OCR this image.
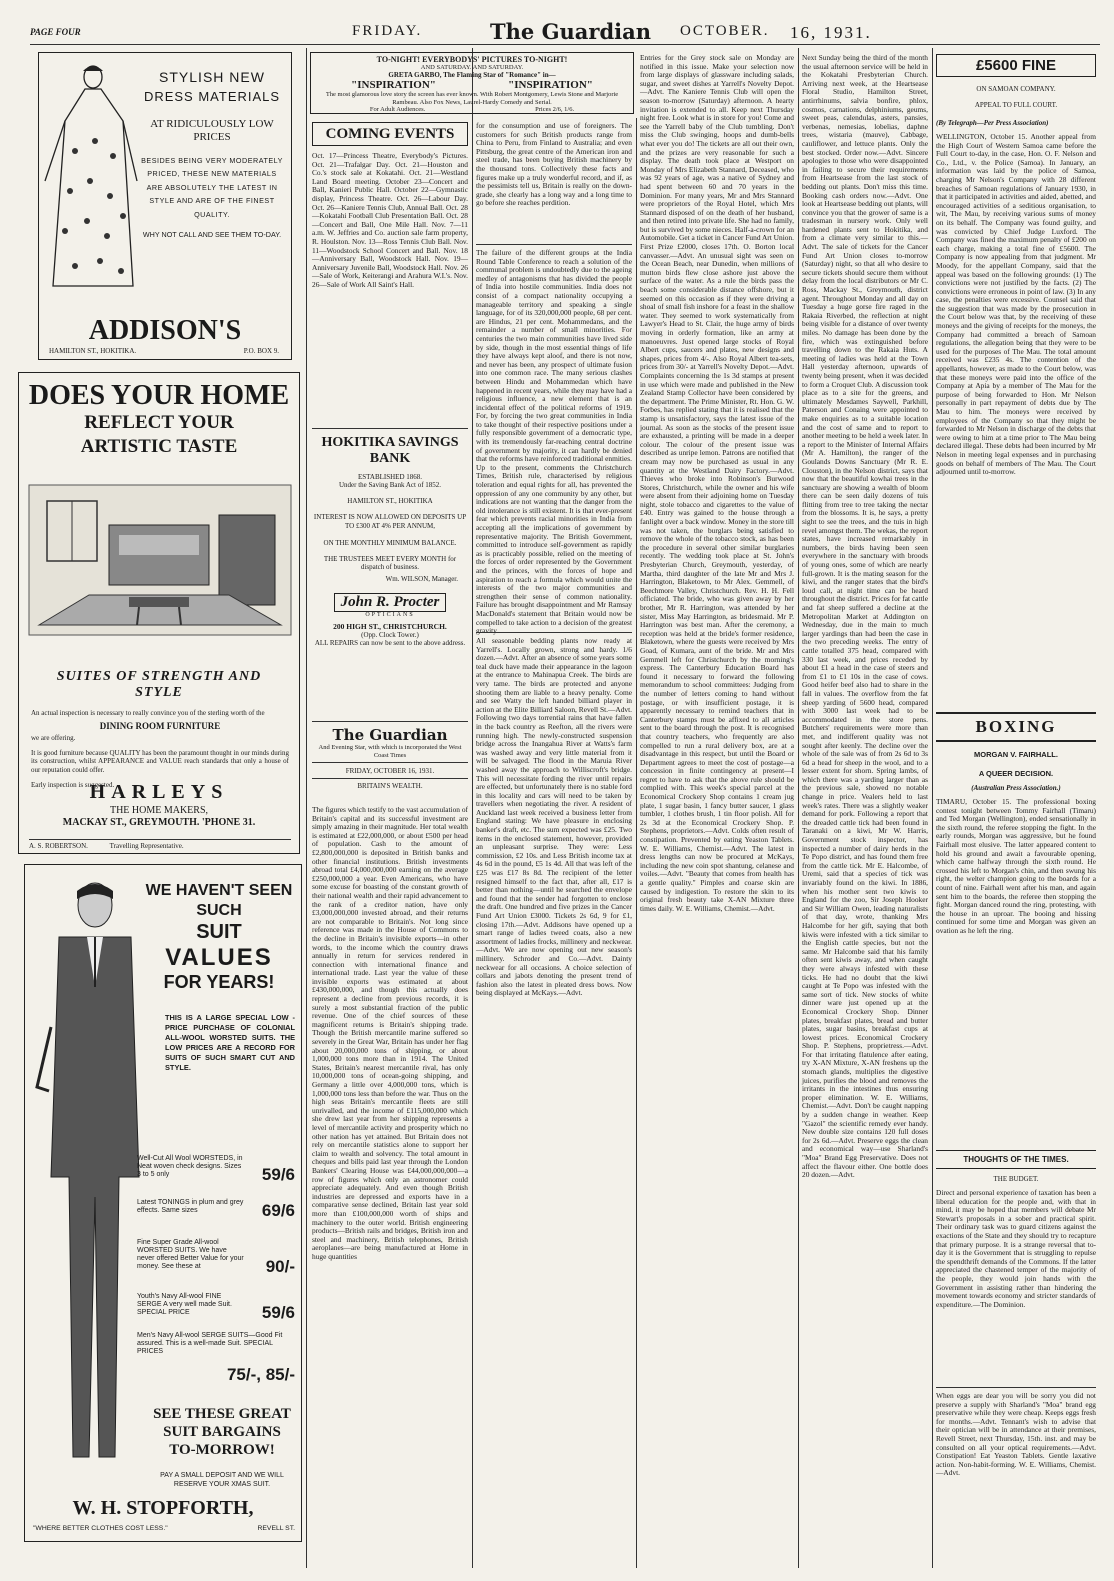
PAGE FOUR	FRIDAY.	The Guardian OCTOBER. 16, 1931.
STYLISH NEW
DRESS MATERIALS
AT RIDICULOUSLY LOW PRICES
BESIDES BEING VERY MODERATELY PRICED, THESE NEW MATERIALS ARE ABSOLUTELY THE LATEST IN STYLE AND ARE OF THE FINEST QUALITY.
WHY NOT CALL AND SEE THEM TO-DAY.
ADDISON'S
HAMILTON ST., HOKITIKA.	P.O. BOX 9.
DOES YOUR HOME
REFLECT YOUR ARTISTIC TASTE
SUITES OF STRENGTH AND STYLE
An actual inspection is necessary to really convince you of the sterling worth of the
DINING ROOM FURNITURE
we are offering.
It is good furniture because QUALITY has been the paramount thought in our minds during its construction, whilst APPEARANCE and VALUE reach standards that only a house of our reputation could offer.
Early inspection is suggested.
HARLEYS
THE HOME MAKERS,
MACKAY ST., GREYMOUTH. 'PHONE 31.
A. S. ROBERTSON.	Travelling Representative.
WE HAVEN'T SEEN SUCH
SUIT
VALUES
FOR YEARS!
THIS IS A LARGE SPECIAL LOW - PRICE PURCHASE OF COLONIAL ALL-WOOL WORSTED SUITS. THE LOW PRICES ARE A RECORD FOR SUITS OF SUCH SMART CUT AND STYLE.
Well-Cut All Wool WORSTEDS, in Neat woven check designs. Sizes 3 to 5 only	59/6
Latest TONINGS in plum and grey effects. Same sizes	69/6
Fine Super Grade All-wool WORSTED SUITS. We have never offered Better Value for your money. See these at	90/-
Youth's Navy All-wool FINE SERGE A very well made Suit. SPECIAL PRICE	59/6
Men's Navy All-wool SERGE SUITS—Good Fit assured. This is a well-made Suit. SPECIAL PRICES
75/-, 85/-
SEE THESE GREAT SUIT BARGAINS TO-MORROW!
PAY A SMALL DEPOSIT AND WE WILL RESERVE YOUR XMAS SUIT.
W. H. STOPFORTH,
"WHERE BETTER CLOTHES COST LESS."	REVELL ST.
TO-NIGHT! EVERYBODYS' PICTURES TO-NIGHT!
AND SATURDAY. AND SATURDAY.
GRETA GARBO, The Flaming Star of "Romance" in—
"INSPIRATION"	"INSPIRATION"
The most glamorous love story the screen has ever known. With Robert Montgomery, Lewis Stone and Marjorie Rambeau. Also Fox News, Laurel-Hardy Comedy and Serial.
For Adult Audiences.	Prices 2/6, 1/6.
COMING EVENTS
Oct. 17—Princess Theatre, Everybody's Pictures. Oct. 21—Trafalgar Day. Oct. 21—Houston and Co.'s stock sale at Kokatahi. Oct. 21—Westland Land Board meeting. October 23—Concert and Ball, Kanieri Public Hall. October 22—Gymnastic display, Princess Theatre. Oct. 26—Labour Day. Oct. 26—Kaniere Tennis Club, Annual Ball. Oct. 28—Kokatahi Football Club Presentation Ball. Oct. 28—Concert and Ball, One Mile Hall. Nov. 7—11 a.m. W. Jeffries and Co. auction sale farm property, R. Houlston. Nov. 13—Ross Tennis Club Ball. Nov. 11—Woodstock School Concert and Ball. Nov. 18—Anniversary Ball, Woodstock Hall. Nov. 19—Anniversary Juvenile Ball, Woodstock Hall. Nov. 26—Sale of Work, Keiterangi and Arahura W.I.'s. Nov. 26—Sale of Work All Saint's Hall.
HOKITIKA SAVINGS BANK
ESTABLISHED 1868.
Under the Saving Bank Act of 1852.
HAMILTON ST., HOKITIKA
INTEREST IS NOW ALLOWED ON DEPOSITS UP TO £300 AT 4% PER ANNUM,
ON THE MONTHLY MINIMUM BALANCE.
THE TRUSTEES MEET EVERY MONTH for dispatch of business.
Wm. WILSON, Manager.
John R. Procter
OPTICIANS
200 HIGH ST., CHRISTCHURCH.
(Opp. Clock Tower.)
ALL REPAIRS can now be sent to the above address.
The Guardian
And Evening Star, with which is incorporated the West Coast Times
FRIDAY, OCTOBER 16, 1931.
BRITAIN'S WEALTH.
The figures which testify to the vast accumulation of Britain's capital and its successful investment are simply amazing in their magnitude. Her total wealth is estimated at £22,000,000, or about £500 per head of population. Cash to the amount of £2,800,000,000 is deposited in British banks and other financial institutions. British investments abroad total £4,000,000,000 earning on the average £250,000,000 a year. Even Americans, who have some excuse for boasting of the constant growth of their national wealth and their rapid advancement to the rank of a creditor nation, have only £3,000,000,000 invested abroad, and their returns are not comparable to Britain's. Not long since reference was made in the House of Commons to the decline in Britain's invisible exports—in other words, to the income which the country draws annually in return for services rendered in connection with international finance and international trade. Last year the value of these invisible exports was estimated at about £430,000,000, and though this actually does represent a decline from previous records, it is surely a most substantial fraction of the public revenue. One of the chief sources of these magnificent returns is Britain's shipping trade. Though the British mercantile marine suffered so severely in the Great War, Britain has under her flag about 20,000,000 tons of shipping, or about 1,000,000 tons more than in 1914. The United States, Britain's nearest mercantile rival, has only 10,000,000 tons of ocean-going shipping, and Germany a little over 4,000,000 tons, which is 1,000,000 tons less than before the war. Thus on the high seas Britain's mercantile fleets are still unrivalled, and the income of £115,000,000 which she drew last year from her shipping represents a level of mercantile activity and prosperity which no other nation has yet attained. But Britain does not rely on mercantile statistics alone to support her claim to wealth and solvency. The total amount in cheques and bills paid last year through the London Bankers' Clearing House was £44,000,000,000—a row of figures which only an astronomer could appreciate adequately. And even though British industries are depressed and exports have in a comparative sense declined, Britain last year sold more than £100,000,000 worth of ships and machinery to the outer world. British engineering products—British rails and bridges, British iron and steel and machinery, British telephones, British aeroplanes—are being manufactured at Home in huge quantities
for the consumption and use of foreigners. The customers for such British products range from China to Peru, from Finland to Australia; and even Pittsburg, the great centre of the American iron and steel trade, has been buying British machinery by the thousand tons. Collectively these facts and figures make up a truly wonderful record, and if, as the pessimists tell us, Britain is really on the down-grade, she clearly has a long way and a long time to go before she reaches perdition.
The failure of the different groups at the India Round Table Conference to reach a solution of the communal problem is undoubtedly due to the ageing medley of antagonisms that has divided the people of India into hostile communities. India does not consist of a compact nationality occupying a manageable territory and speaking a single language, for of its 320,000,000 people, 68 per cent. are Hindus, 21 per cent. Mohammedans, and the remainder a number of small minorities. For centuries the two main communities have lived side by side, though in the most essential things of life they have always kept aloof, and there is not now, and never has been, any prospect of ultimate fusion into one common race. The many serious clashes between Hindu and Mohammedan which have happened in recent years, while they may have had a religious influence, a new element that is an incidental effect of the political reforms of 1919. For, by forcing the two great communities in India to take thought of their respective positions under a fully responsible government of a democratic type, with its tremendously far-reaching central doctrine of government by majority, it can hardly be denied that the reforms have reinforced traditional enmities. Up to the present, comments the Christchurch Times, British rule, characterised by religious toleration and equal rights for all, has prevented the oppression of any one community by any other, but indications are not wanting that the danger from the old intolerance is still existent. It is that ever-present fear which prevents racial minorities in India from accepting all the implications of government by representative majority. The British Government, committed to introduce self-government as rapidly as is practicably possible, relied on the meeting of the forces of order represented by the Government and the princes, with the forces of hope and aspiration to reach a formula which would unite the interests of the two major communities and strengthen their sense of common nationality. Failure has brought disappointment and Mr Ramsay MacDonald's statement that Britain would now be compelled to take action to a decision of the greatest gravity.
All seasonable bedding plants now ready at Yarrell's. Locally grown, strong and hardy. 1/6 dozen.—Advt. After an absence of some years some teal duck have made their appearance in the lagoon at the entrance to Mahinapua Creek. The birds are very tame. The birds are protected and anyone shooting them are liable to a heavy penalty. Come and see Watty the left handed billiard player in action at the Elite Billiard Saloon, Revell St.—Advt. Following two days torrential rains that have fallen in the back country as Reefton, all the rivers were running high. The newly-constructed suspension bridge across the Inangahua River at Watts's farm was washed away and very little material from it will be salvaged. The flood in the Maruia River washed away the approach to Williscroft's bridge. This will necessitate fording the river until repairs are effected, but unfortunately there is no stable ford in this locality and cars will need to be taken by travellers when negotiating the river. A resident of Auckland last week received a business letter from England stating: We have pleasure in enclosing banker's draft, etc. The sum expected was £25. Two items in the enclosed statement, however, provided an unpleasant surprise. They were: Less commission, £2 10s. and Less British income tax at 4s 6d in the pound, £5 1s 4d. All that was left of the £25 was £17 8s 8d. The recipient of the letter resigned himself to the fact that, after all, £17 is better than nothing—until he searched the envelope and found that the sender had forgotten to enclose the draft. One hundred and five prizes in the Cancer Fund Art Union £3000. Tickets 2s 6d, 9 for £1, closing 17th.—Advt. Addisons have opened up a smart range of ladies tweed coats, also a new assortment of ladies frocks, millinery and neckwear.—Advt. We are now opening out new season's millinery. Schroder and Co.—Advt. Dainty neckwear for all occasions. A choice selection of collars and jabots denoting the present trend of fashion also the latest in pleated dress bows. Now being displayed at McKays.—Advt.
Entries for the Grey stock sale on Monday are notified in this issue. Make your selection now from large displays of glassware including salads, sugar, and sweet dishes at Yarrell's Novelty Depot.—Advt. The Kaniere Tennis Club will open the season to-morrow (Saturday) afternoon. A hearty invitation is extended to all. Keep next Thursday night free. Look what is in store for you! Come and see the Yarrell baby of the Club tumbling. Don't miss the Club swinging, hoops and dumb-bells what ever you do! The tickets are all out their own, and the prizes are very reasonable for such a display. The death took place at Westport on Monday of Mrs Elizabeth Stannard, Deceased, who was 92 years of age, was a native of Sydney and had spent between 60 and 70 years in the Dominion. For many years, Mr and Mrs Stannard were proprietors of the Royal Hotel, which Mrs Stannard disposed of on the death of her husband, and then retired into private life. She had no family, but is survived by some nieces. Half-a-crown for an Automobile. Get a ticket in Cancer Fund Art Union. First Prize £2000, closes 17th. O. Borton local canvasser.—Advt. An unusual sight was seen on the Ocean Beach, near Dunedin, when millions of mutton birds flew close ashore just above the surface of the water. As a rule the birds pass the beach some considerable distance offshore, but it seemed on this occasion as if they were driving a shoal of small fish inshore for a feast in the shallow water. They seemed to work systematically from Lawyer's Head to St. Clair, the huge army of birds moving in orderly formation, like an army at manoeuvres. Just opened large stocks of Royal Albert cups, saucers and plates, new designs and shapes, prices from 4/-. Also Royal Albert tea-sets, prices from 30/- at Yarrell's Novelty Depot.—Advt. Complaints concerning the 1s 3d stamps at present in use which were made and published in the New Zealand Stamp Collector have been considered by the department. The Prime Minister, Rt. Hon. G. W. Forbes, has replied stating that it is realised that the stamp is unsatisfactory, says the latest issue of the journal. As soon as the stocks of the present issue are exhausted, a printing will be made in a deeper colour. The colour of the present issue was described as unripe lemon. Patrons are notified that cream may now be purchased as usual in any quantity at the Westland Dairy Factory.—Advt. Thieves who broke into Robinson's Burwood Stores, Christchurch, while the owner and his wife were absent from their adjoining home on Tuesday night, stole tobacco and cigarettes to the value of £40. Entry was gained to the house through a fanlight over a back window. Money in the store till was not taken, the burglars being satisfied to remove the whole of the tobacco stock, as has been the procedure in several other similar burglaries recently. The wedding took place at St. John's Presbyterian Church, Greymouth, yesterday, of Martha, third daughter of the late Mr and Mrs J. Harrington, Blaketown, to Mr Alex. Gemmell, of Beechmore Valley, Christchurch. Rev. H. H. Fell officiated. The bride, who was given away by her brother, Mr R. Harrington, was attended by her sister, Miss May Harrington, as bridesmaid. Mr P. Harrington was best man. After the ceremony, a reception was held at the bride's former residence, Blaketown, where the guests were received by Mrs Goad, of Kumara, aunt of the bride. Mr and Mrs Gemmell left for Christchurch by the morning's express. The Canterbury Education Board has found it necessary to forward the following memorandum to school committees: Judging from the number of letters coming to hand without postage, or with insufficient postage, it is apparently necessary to remind teachers that in Canterbury stamps must be affixed to all articles sent to the board through the post. It is recognised that country teachers, who frequently are also compelled to run a rural delivery box, are at a disadvantage in this respect, but until the Board or Department agrees to meet the cost of postage—a concession in finite contingency at present—I regret to have to ask that the above rule should be complied with. This week's special parcel at the Economical Crockery Shop contains 1 cream jug plate, 1 sugar basin, 1 fancy butter saucer, 1 glass tumbler, 1 clothes brush, 1 tin floor polish. All for 2s 3d at the Economical Crockery Shop. P. Stephens, proprietors.—Advt. Colds often result of constipation. Prevented by eating Yeaston Tablets. W. E. Williams, Chemist.—Advt. The latest in dress lengths can now be procured at McKays, including the new coin spot shantung, celanese and voiles.—Advt. "Beauty that comes from health has a gentle quality." Pimples and coarse skin are caused by indigestion. To restore the skin to its original fresh beauty take X-AN Mixture three times daily. W. E. Williams, Chemist.—Advt.
Next Sunday being the third of the month the usual afternoon service will be held in the Kokatahi Presbyterian Church. Arriving next week, at the Heartsease Floral Studio, Hamilton Street, antirrhinums, salvia bonfire, phlox, cosmos, carnations, delphiniums, geums, sweet peas, calendulas, asters, pansies, verbenas, nemesias, lobelias, daphne trees, wistaria (mauve), Cabbage, cauliflower, and lettuce plants. Only the best stocked. Order now.—Advt. Sincere apologies to those who were disappointed in failing to secure their requirements from Heartsease from the last stock of bedding out plants. Don't miss this time. Booking cash orders now.—Advt. One look at Heartsease bedding out plants, will convince you that the grower of same is a tradesman in nursery work. Only well hardened plants sent to Hokitika, and from a climate very similar to this.—Advt. The sale of tickets for the Cancer Fund Art Union closes to-morrow (Saturday) night, so that all who desire to secure tickets should secure them without delay from the local distributors or Mr C. Ross, Mackay St., Greymouth, district agent. Throughout Monday and all day on Tuesday a huge gorse fire raged in the Rakaia Riverbed, the reflection at night being visible for a distance of over twenty miles. No damage has been done by the fire, which was extinguished before travelling down to the Rakaia Huts. A meeting of ladies was held at the Town Hall yesterday afternoon, upwards of twenty being present, when it was decided to form a Croquet Club. A discussion took place as to a site for the greens, and ultimately Mesdames Saywell, Parkhill, Paterson and Conaing were appointed to make enquiries as to a suitable location and the cost of same and to report to another meeting to be held a week later. In a report to the Minister of Internal Affairs (Mr A. Hamilton), the ranger of the Goulands Downs Sanctuary (Mr R. E. Clouston), in the Nelson district, says that now that the beautiful kowhai trees in the sanctuary are showing a wealth of bloom there can be seen daily dozens of tuis flitting from tree to tree taking the nectar from the blossoms. It is, he says, a pretty sight to see the trees, and the tuis in high revel amongst them. The wekas, the report states, have increased remarkably in numbers, the birds having been seen everywhere in the sanctuary with broods of young ones, some of which are nearly full-grown. It is the mating season for the kiwi, and the ranger states that the bird's loud call, at night time can be heard throughout the district. Prices for fat cattle and fat sheep suffered a decline at the Metropolitan Market at Addington on Wednesday, due in the main to much larger yardings than had been the case in the two preceding weeks. The entry of cattle totalled 375 head, compared with 330 last week, and prices receded by about £1 a head in the case of steers and from £1 to £1 10s in the case of cows. Good heifer beef also had to share in the fall in values. The overflow from the fat sheep yarding of 5600 head, compared with 3000 last week had to be accommodated in the store pens. Butchers' requirements were more than met, and indifferent quality was not sought after keenly. The decline over the whole of the sale was of from 2s 6d to 3s 6d a head for sheep in the wool, and to a lesser extent for shorn. Spring lambs, of which there was a yarding larger than as the previous sale, showed no notable change in price. Vealers held to last week's rates. There was a slightly weaker demand for pork. Following a report that the dreaded cattle tick had been found in Taranaki on a kiwi, Mr W. Harris, Government stock inspector, has inspected a number of dairy herds in the Te Popo district, and has found them free from the cattle tick. Mr E. Halcombe, of Uremi, said that a species of tick was invariably found on the kiwi. In 1886, when his mother sent two kiwis to England for the zoo, Sir Joseph Hooker and Sir William Owen, leading naturalists of that day, wrote, thanking Mrs Halcombe for her gift, saying that both kiwis were infested with a tick similar to the English cattle species, but not the same. Mr Halcombe said that his family often sent kiwis away, and when caught they were always infested with these ticks. He had no doubt that the kiwi caught at Te Popo was infested with the same sort of tick. New stocks of white dinner ware just opened up at the Economical Crockery Shop. Dinner plates, breakfast plates, bread and butter plates, sugar basins, breakfast cups at lowest prices. Economical Crockery Shop. P. Stephens, proprietress.—Advt. For that irritating flatulence after eating, try X-AN Mixture, X-AN freshens up the stomach glands, multiplies the digestive juices, purifies the blood and removes the irritants in the intestines thus ensuring proper elimination. W. E. Williams, Chemist.—Advt. Don't be caught napping by a sudden change in weather. Keep "Gazol" the scientific remedy ever handy. New double size contains 120 full doses for 2s 6d.—Advt. Preserve eggs the clean and economical way—use Sharland's "Moa" Brand Egg Preservative. Does not affect the flavour either. One bottle does 20 dozen.—Advt.
£5600 FINE
ON SAMOAN COMPANY.
APPEAL TO FULL COURT.
(By Telegraph—Per Press Association)
WELLINGTON, October 15. Another appeal from the High Court of Western Samoa came before the Full Court to-day, in the case, Hon. O. F. Nelson and Co., Ltd., v. the Police (Samoa). In January, an information was laid by the police of Samoa, charging Mr Nelson's Company with 28 different breaches of Samoan regulations of January 1930, in that it participated in activities and aided, abetted, and encouraged activities of a seditious organisation, to wit, The Mau, by receiving various sums of money on its behalf. The Company was found guilty, and was convicted by Chief Judge Luxford. The Company was fined the maximum penalty of £200 on each charge, making a total fine of £5600. The Company is now appealing from that judgment. Mr Moody, for the appellant Company, said that the appeal was based on the following grounds: (1) The convictions were not justified by the facts. (2) The convictions were erroneous in point of law. (3) In any case, the penalties were excessive. Counsel said that the suggestion that was made by the prosecution in the Court below was that, by the receiving of these moneys and the giving of receipts for the moneys, the Company had committed a breach of Samoan regulations, the allegation being that they were to be used for the purposes of The Mau. The total amount received was £235 4s. The contention of the appellants, however, as made to the Court below, was that these moneys were paid into the office of the Company at Apia by a member of The Mau for the purpose of being forwarded to Hon. Mr Nelson personally in part repayment of debts due by The Mau to him. The moneys were received by employees of the Company so that they might be forwarded to Mr Nelson in discharge of the debts that were owing to him at a time prior to The Mau being declared illegal. These debts had been incurred by Mr Nelson in meeting legal expenses and in purchasing goods on behalf of members of The Mau. The Court adjourned until to-morrow.
BOXING
MORGAN V. FAIRHALL.
A QUEER DECISION.
(Australian Press Association.)
TIMARU, October 15. The professional boxing contest tonight between Tommy Fairhall (Timaru) and Ted Morgan (Wellington), ended sensationally in the sixth round, the referee stopping the fight. In the early rounds, Morgan was aggressive, but he found Fairhall most elusive. The latter appeared content to hold his ground and await a favourable opening, which came halfway through the sixth round. He crossed his left to Morgan's chin, and then swung his right, the welter champion going to the boards for a count of nine. Fairhall went after his man, and again sent him to the boards, the referee then stopping the fight. Morgan danced round the ring, protesting, with the house in an uproar. The booing and hissing continued for some time and Morgan was given an ovation as he left the ring.
THOUGHTS OF THE TIMES.
THE BUDGET.
Direct and personal experience of taxation has been a liberal education for the people and, with that in mind, it may be hoped that members will debate Mr Stewart's proposals in a sober and practical spirit. Their ordinary task was to guard citizens against the exactions of the State and they should try to recapture that primary purpose. It is a strange reversal that to-day it is the Government that is struggling to repulse the spendthrift demands of the Commons. If the latter appreciated the chastened temper of the majority of the people, they would join hands with the Government in assisting rather than hindering the movement towards economy and stricter standards of expenditure.—The Dominion.
When eggs are dear you will be sorry you did not preserve a supply with Sharland's "Moa" brand egg preservative while they were cheap. Keeps eggs fresh for months.—Advt. Tennant's wish to advise that their optician will be in attendance at their premises, Revell Street, next Thursday, 15th. inst. and may be consulted on all your optical requirements.—Advt. Constipation! Eat Yeaston Tablets. Gentle laxative action. Non-habit-forming. W. E. Williams, Chemist.—Advt.
